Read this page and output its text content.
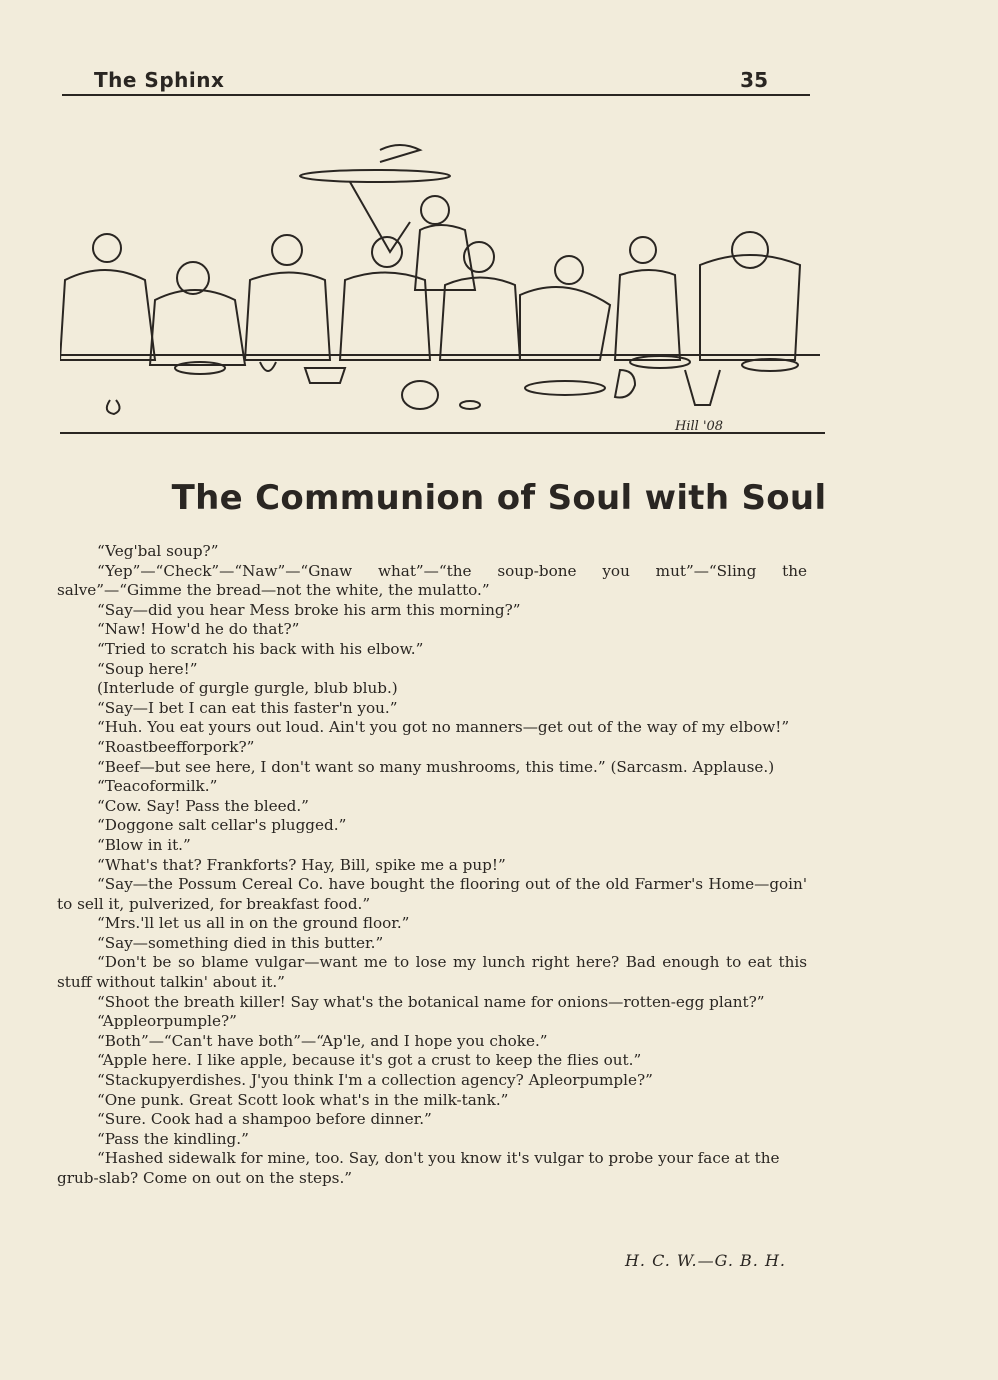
The Sphinx	35
Hill '08
The Communion of Soul with Soul

“Veg'bal soup?”

“Yep”—“Check”—“Naw”—“Gnaw what”—“the soup-bone you mut”—“Sling the salve”—“Gimme the bread—not the white, the mulatto.”

“Say—did you hear Mess broke his arm this morning?”

“Naw! How'd he do that?”

“Tried to scratch his back with his elbow.”

“Soup here!”

(Interlude of gurgle gurgle, blub blub.)

“Say—I bet I can eat this faster'n you.”

“Huh. You eat yours out loud. Ain't you got no manners—get out of the way of my elbow!”

“Roastbeefforpork?”

“Beef—but see here, I don't want so many mushrooms, this time.” (Sarcasm. Applause.)

“Teacoformilk.”

“Cow. Say! Pass the bleed.”

“Doggone salt cellar's plugged.”

“Blow in it.”

“What's that? Frankforts? Hay, Bill, spike me a pup!”

“Say—the Possum Cereal Co. have bought the flooring out of the old Farmer's Home—goin' to sell it, pulverized, for breakfast food.”

“Mrs.'ll let us all in on the ground floor.”

“Say—something died in this butter.”

“Don't be so blame vulgar—want me to lose my lunch right here? Bad enough to eat this stuff without talkin' about it.”

“Shoot the breath killer! Say what's the botanical name for onions—rotten-egg plant?”

“Appleorpumple?”

“Both”—“Can't have both”—“Ap'le, and I hope you choke.”

“Apple here. I like apple, because it's got a crust to keep the flies out.”

“Stackupyerdishes. J'you think I'm a collection agency? Apleorpumple?”

“One punk. Great Scott look what's in the milk-tank.”

“Sure. Cook had a shampoo before dinner.”

“Pass the kindling.”

“Hashed sidewalk for mine, too. Say, don't you know it's vulgar to probe your face at the grub-slab? Come on out on the steps.”

H. C. W.—G. B. H.
